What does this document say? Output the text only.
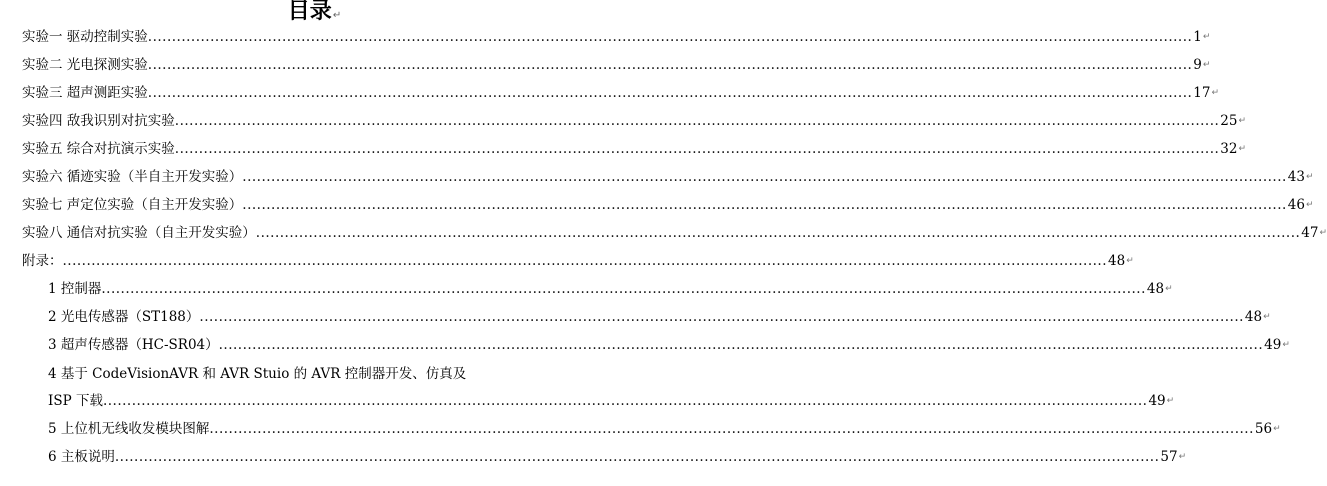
目录↵
实验一 驱动控制实验 .......................................................................................................................................................................................................................... 1 ↵
实验二 光电探测实验 .......................................................................................................................................................................................................................... 9 ↵
实验三 超声测距实验 .......................................................................................................................................................................................................................... 17 ↵
实验四 敌我识别对抗实验 .......................................................................................................................................................................................................................... 25 ↵
实验五 综合对抗演示实验 .......................................................................................................................................................................................................................... 32 ↵
实验六 循迹实验（半自主开发实验） .......................................................................................................................................................................................................................... 43 ↵
实验七 声定位实验（自主开发实验） .......................................................................................................................................................................................................................... 46 ↵
实验八 通信对抗实验（自主开发实验） .......................................................................................................................................................................................................................... 47 ↵
附录： .......................................................................................................................................................................................................................... 48 ↵
1 控制器 .......................................................................................................................................................................................................................... 48 ↵
2 光电传感器（ST188） .......................................................................................................................................................................................................................... 48 ↵
3 超声传感器（HC-SR04） .......................................................................................................................................................................................................................... 49 ↵
4 基于 CodeVisionAVR 和 AVR Stuio 的 AVR 控制器开发、仿真及
ISP 下载 .......................................................................................................................................................................................................................... 49 ↵
5 上位机无线收发模块图解 .......................................................................................................................................................................................................................... 56 ↵
6 主板说明 .......................................................................................................................................................................................................................... 57 ↵
